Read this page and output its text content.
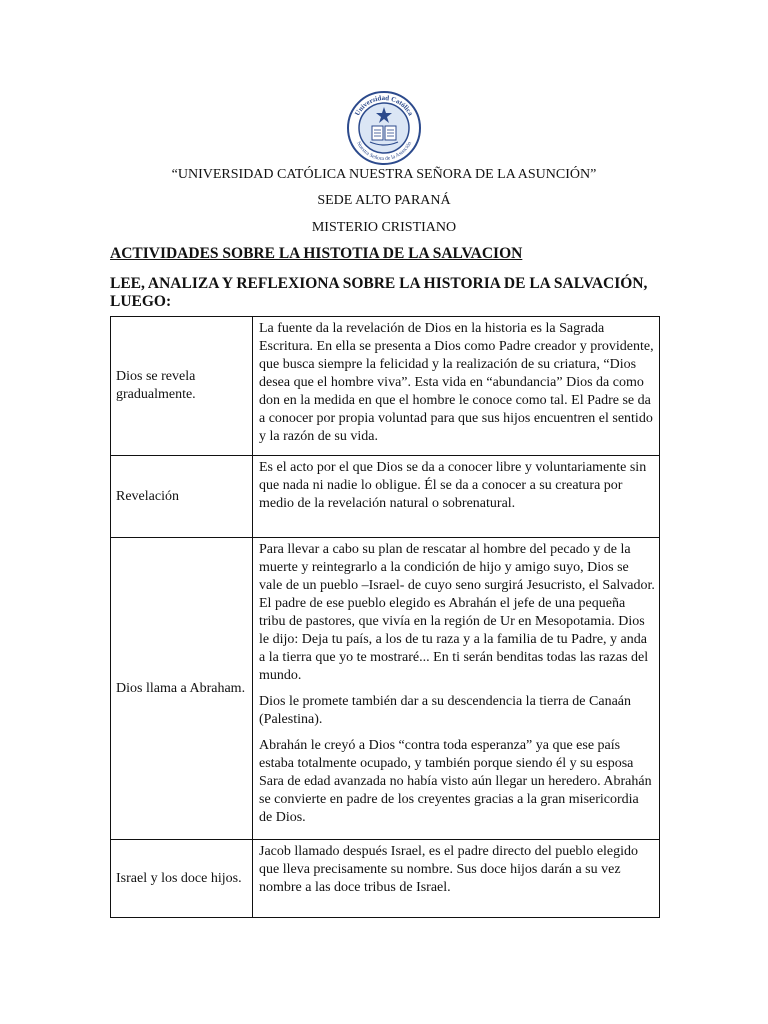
Universidad Católica
Nuestra Señora de la Asunción
“UNIVERSIDAD CATÓLICA NUESTRA SEÑORA DE LA ASUNCIÓN”
SEDE ALTO PARANÁ
MISTERIO CRISTIANO
ACTIVIDADES SOBRE LA HISTOTIA DE LA SALVACION
LEE, ANALIZA Y REFLEXIONA SOBRE LA HISTORIA DE LA SALVACIÓN, LUEGO:
Dios se revela gradualmente.	La fuente da la revelación de Dios en la historia es la Sagrada Escritura. En ella se presenta a Dios como Padre creador y providente, que busca siempre la felicidad y la realización de su criatura, “Dios desea que el hombre viva”. Esta vida en “abundancia” Dios da como don en la medida en que el hombre le conoce como tal. El Padre se da a conocer por propia voluntad para que sus hijos encuentren el sentido y la razón de su vida.

Revelación	Es el acto por el que Dios se da a conocer libre y voluntariamente sin que nada ni nadie lo obligue. Él se da a conocer a su creatura por medio de la revelación natural o sobrenatural.

Dios llama a Abraham.	Para llevar a cabo su plan de rescatar al hombre del pecado y de la muerte y reintegrarlo a la condición de hijo y amigo suyo, Dios se vale de un pueblo –Israel- de cuyo seno surgirá Jesucristo, el Salvador. El padre de ese pueblo elegido es Abrahán el jefe de una pequeña tribu de pastores, que vivía en la región de Ur en Mesopotamia. Dios le dijo: Deja tu país, a los de tu raza y a la familia de tu Padre, y anda a la tierra que yo te mostraré... En ti serán benditas todas las razas del mundo.

Dios le promete también dar a su descendencia la tierra de Canaán (Palestina).

Abrahán le creyó a Dios “contra toda esperanza” ya que ese país estaba totalmente ocupado, y también porque siendo él y su esposa Sara de edad avanzada no había visto aún llegar un heredero. Abrahán se convierte en padre de los creyentes gracias a la gran misericordia de Dios.

Israel y los doce hijos.	Jacob llamado después Israel, es el padre directo del pueblo elegido que lleva precisamente su nombre. Sus doce hijos darán a su vez nombre a las doce tribus de Israel.
